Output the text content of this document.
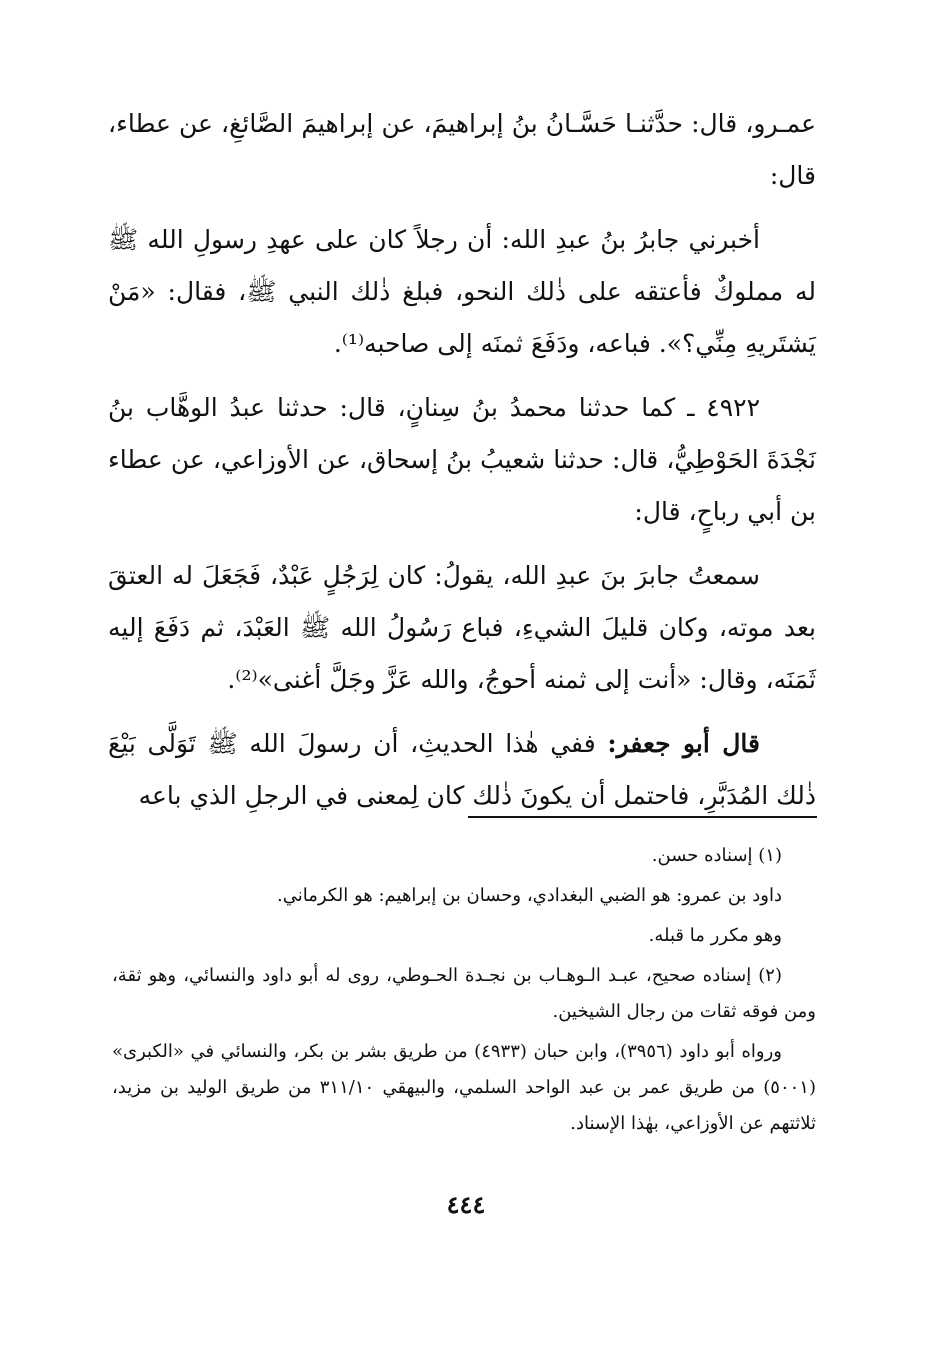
عمـرو، قال: حدَّثنـا حَسَّـانُ بنُ إبراهيمَ، عن إبراهيمَ الصَّائغِ، عن عطاء، قال:

أخبرني جابرُ بنُ عبدِ الله: أن رجلاً كان على عهدِ رسولِ الله ﷺ له مملوكٌ فأعتقه على ذٰلك النحو، فبلغ ذٰلك النبي ﷺ، فقال: «مَنْ يَشتَريهِ مِنِّي؟». فباعه، ودَفَعَ ثمنَه إلى صاحبه⁽¹⁾.

٤٩٢٢ ـ كما حدثنا محمدُ بنُ سِنانٍ، قال: حدثنا عبدُ الوهَّاب بنُ نَجْدَةَ الحَوْطِيُّ، قال: حدثنا شعيبُ بنُ إسحاق، عن الأوزاعي، عن عطاء بن أبي رباحٍ، قال:

سمعتُ جابرَ بنَ عبدِ الله، يقولُ: كان لِرَجُلٍ عَبْدٌ، فَجَعَلَ له العتقَ بعد موته، وكان قليلَ الشيءِ، فباع رَسُولُ الله ﷺ العَبْدَ، ثم دَفَعَ إليه ثَمَنَه، وقال: «أنت إلى ثمنه أحوجُ، والله عَزَّ وجَلَّ أغنى»⁽²⁾.

قال أبو جعفر: ففي هٰذا الحديثِ، أن رسولَ الله ﷺ تَوَلَّى بَيْعَ ذٰلك المُدَبَّرِ، فاحتمل أن يكونَ ذٰلك كان لِمعنى في الرجلِ الذي باعه

(١) إسناده حسن.

داود بن عمرو: هو الضبي البغدادي، وحسان بن إبراهيم: هو الكرماني.

وهو مكرر ما قبله.

(٢) إسناده صحيح، عبـد الـوهـاب بن نجـدة الحـوطي، روى له أبو داود والنسائي، وهو ثقة، ومن فوقه ثقات من رجال الشيخين.

ورواه أبو داود (٣٩٥٦)، وابن حبان (٤٩٣٣) من طريق بشر بن بكر، والنسائي في «الكبرى» (٥٠٠١) من طريق عمر بن عبد الواحد السلمي، والبيهقي ٣١١/١٠ من طريق الوليد بن مزيد، ثلاثتهم عن الأوزاعي، بهٰذا الإسناد.

٤٤٤
